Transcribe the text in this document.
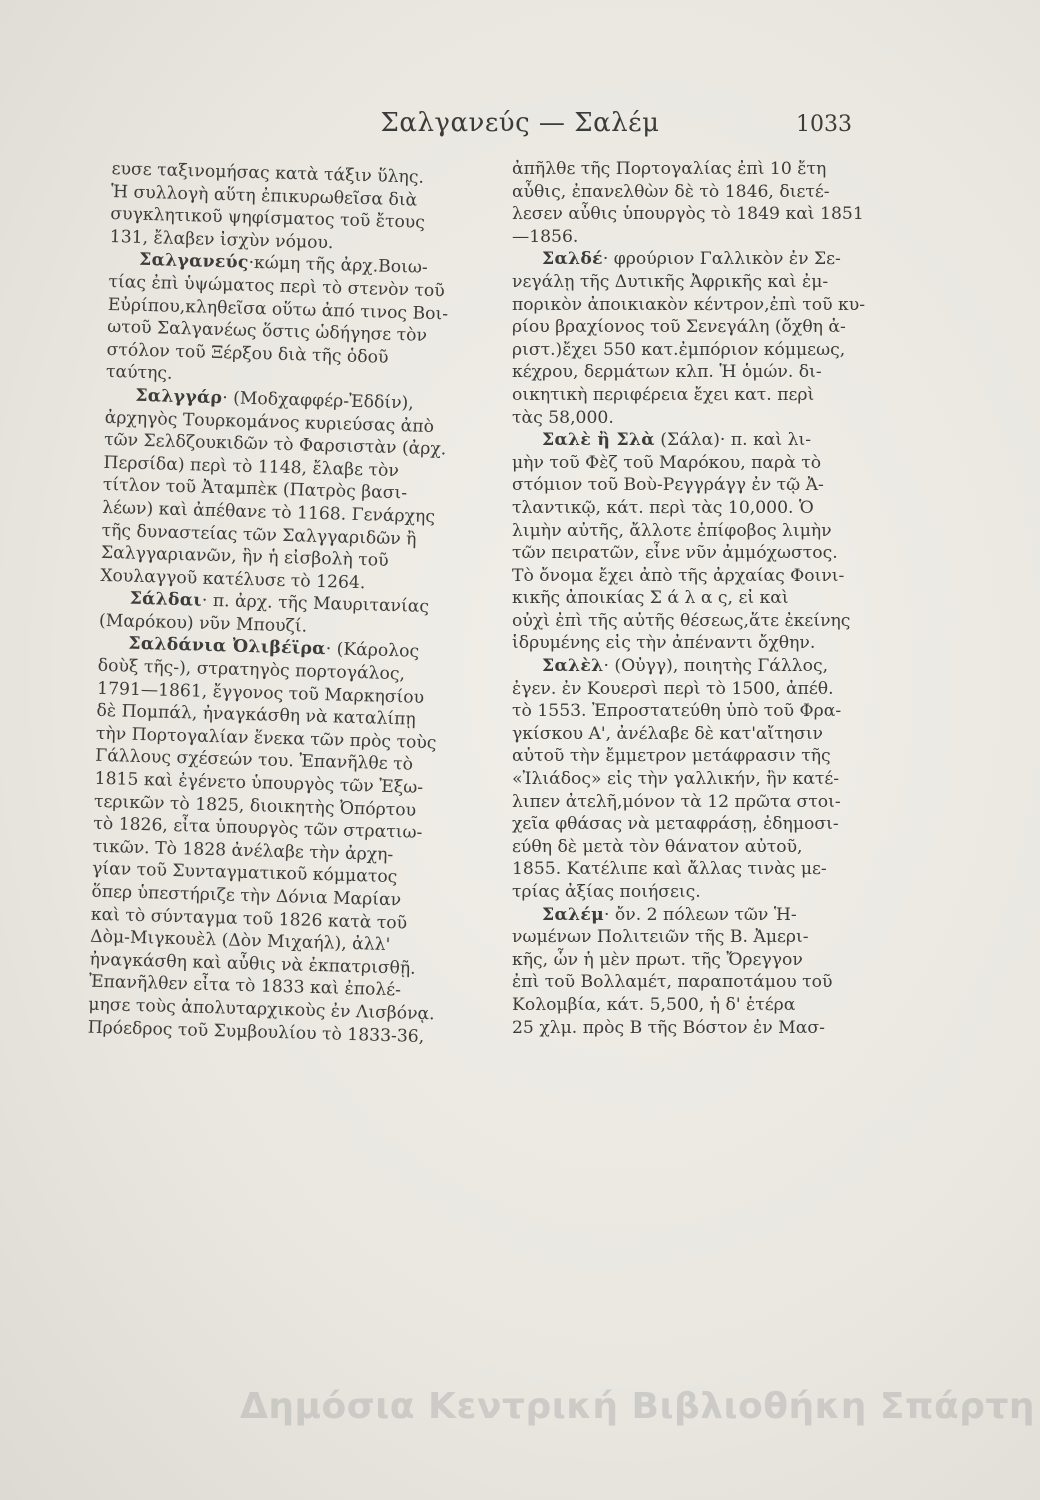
Σαλγανεύς — Σαλέμ	1033
ευσε ταξινομήσας κατὰ τάξιν ὕλης.
Ἡ συλλογὴ αὕτη ἐπικυρωθεῖσα διὰ
συγκλητικοῦ ψηφίσματος τοῦ ἔτους
131, ἔλαβεν ἰσχὺν νόμου.
Σαλγανεύς·κώμη τῆς ἀρχ.Βοιω-
τίας ἐπὶ ὑψώματος περὶ τὸ στενὸν τοῦ
Εὐρίπου,κληθεῖσα οὕτω ἀπό τινος Βοι-
ωτοῦ Σαλγανέως ὅστις ὡδήγησε τὸν
στόλον τοῦ Ξέρξου διὰ τῆς ὁδοῦ
ταύτης.
Σαλγγάρ· (Μοδχαφφέρ-Ἐδδίν),
ἀρχηγὸς Τουρκομάνος κυριεύσας ἀπὸ
τῶν Σελδζουκιδῶν τὸ Φαρσιστὰν (ἀρχ.
Περσίδα) περὶ τὸ 1148, ἔλαβε τὸν
τίτλον τοῦ Ἀταμπὲκ (Πατρὸς βασι-
λέων) καὶ ἀπέθανε τὸ 1168. Γενάρχης
τῆς δυναστείας τῶν Σαλγγαριδῶν ἢ
Σαλγγαριανῶν, ἣν ἡ εἰσβολὴ τοῦ
Χουλαγγοῦ κατέλυσε τὸ 1264.
Σάλδαι· π. ἀρχ. τῆς Μαυριτανίας
(Μαρόκου) νῦν Μπουζί.
Σαλδάνια Ὀλιβέϊρα· (Κάρολος
δοὺξ τῆς-), στρατηγὸς πορτογάλος,
1791—1861, ἔγγονος τοῦ Μαρκησίου
δὲ Πομπάλ, ἠναγκάσθη νὰ καταλίπῃ
τὴν Πορτογαλίαν ἕνεκα τῶν πρὸς τοὺς
Γάλλους σχέσεών του. Ἐπανῆλθε τὸ
1815 καὶ ἐγένετο ὑπουργὸς τῶν Ἐξω-
τερικῶν τὸ 1825, διοικητὴς Ὀπόρτου
τὸ 1826, εἶτα ὑπουργὸς τῶν στρατιω-
τικῶν. Τὸ 1828 ἀνέλαβε τὴν ἀρχη-
γίαν τοῦ Συνταγματικοῦ κόμματος
ὅπερ ὑπεστήριζε τὴν Δόνια Μαρίαν
καὶ τὸ σύνταγμα τοῦ 1826 κατὰ τοῦ
Δὸμ-Μιγκουὲλ (Δὸν Μιχαήλ), ἀλλ'
ἠναγκάσθη καὶ αὖθις νὰ ἐκπατρισθῇ.
Ἐπανῆλθεν εἶτα τὸ 1833 καὶ ἐπολέ-
μησε τοὺς ἀπολυταρχικοὺς ἐν Λισβόνᾳ.
Πρόεδρος τοῦ Συμβουλίου τὸ 1833-36,
ἀπῆλθε τῆς Πορτογαλίας ἐπὶ 10 ἔτη
αὖθις, ἐπανελθὼν δὲ τὸ 1846, διετέ-
λεσεν αὖθις ὑπουργὸς τὸ 1849 καὶ 1851
—1856.
Σαλδέ· φρούριον Γαλλικὸν ἐν Σε-
νεγάλῃ τῆς Δυτικῆς Ἀφρικῆς καὶ ἐμ-
πορικὸν ἀποικιακὸν κέντρον,ἐπὶ τοῦ κυ-
ρίου βραχίονος τοῦ Σενεγάλη (ὄχθη ἀ-
ριστ.)ἔχει 550 κατ.ἐμπόριον κόμμεως,
κέχρου, δερμάτων κλπ. Ἡ ὁμών. δι-
οικητικὴ περιφέρεια ἔχει κατ. περὶ
τὰς 58,000.
Σαλὲ ἢ Σλὰ (Σάλα)· π. καὶ λι-
μὴν τοῦ Φὲζ τοῦ Μαρόκου, παρὰ τὸ
στόμιον τοῦ Βοὺ-Ρεγγράγγ ἐν τῷ Ἀ-
τλαντικῷ, κάτ. περὶ τὰς 10,000. Ὁ
λιμὴν αὐτῆς, ἄλλοτε ἐπίφοβος λιμὴν
τῶν πειρατῶν, εἶνε νῦν ἀμμόχωστος.
Τὸ ὄνομα ἔχει ἀπὸ τῆς ἀρχαίας Φοινι-
κικῆς ἀποικίας Σ ά λ α ς, εἰ καὶ
οὐχὶ ἐπὶ τῆς αὐτῆς θέσεως,ἅτε ἐκείνης
ἱδρυμένης εἰς τὴν ἀπέναντι ὄχθην.
Σαλὲλ· (Οὐγγ), ποιητὴς Γάλλος,
ἐγεν. ἐν Κουερσὶ περὶ τὸ 1500, ἀπέθ.
τὸ 1553. Ἐπροστατεύθη ὑπὸ τοῦ Φρα-
γκίσκου Α', ἀνέλαβε δὲ κατ'αἴτησιν
αὐτοῦ τὴν ἔμμετρον μετάφρασιν τῆς
«Ἰλιάδος» εἰς τὴν γαλλικήν, ἣν κατέ-
λιπεν ἀτελῆ,μόνον τὰ 12 πρῶτα στοι-
χεῖα φθάσας νὰ μεταφράσῃ, ἐδημοσι-
εύθη δὲ μετὰ τὸν θάνατον αὐτοῦ,
1855. Κατέλιπε καὶ ἄλλας τινὰς με-
τρίας ἀξίας ποιήσεις.
Σαλέμ· ὄν. 2 πόλεων τῶν Ἡ-
νωμένων Πολιτειῶν τῆς Β. Ἀμερι-
κῆς, ὧν ἡ μὲν πρωτ. τῆς Ὄρεγγον
ἐπὶ τοῦ Βολλαμέτ, παραποτάμου τοῦ
Κολομβία, κάτ. 5,500, ἡ δ' ἑτέρα
25 χλμ. πρὸς Β τῆς Βόστον ἐν Μασ-
Δημόσια Κεντρική Βιβλιοθήκη Σπάρτη
